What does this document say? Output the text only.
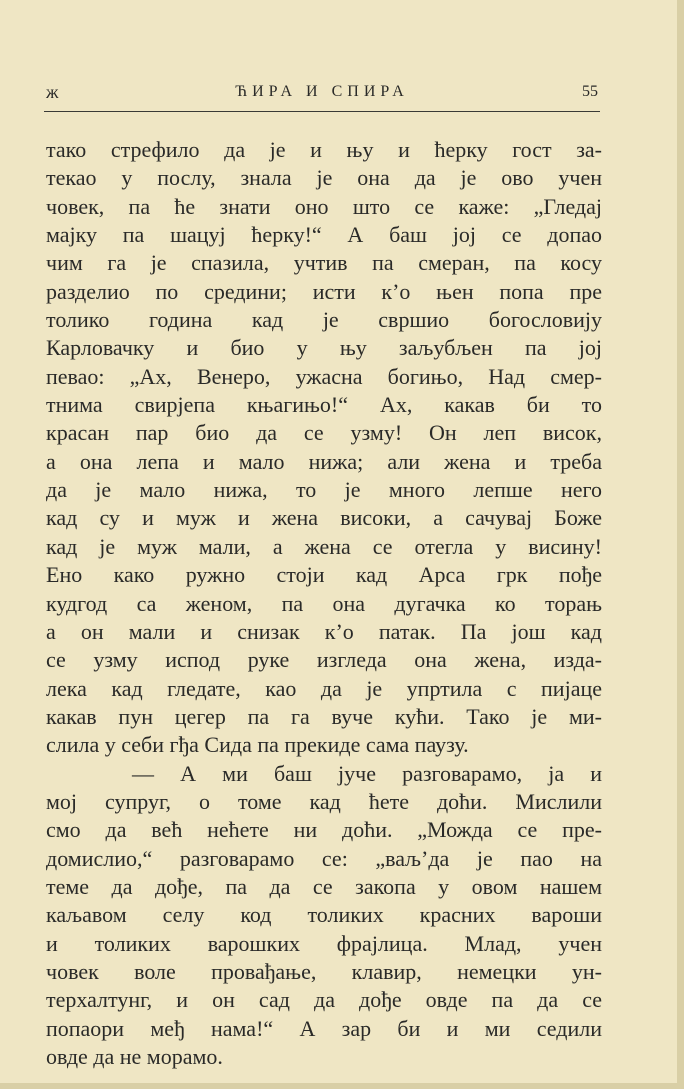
ж	ЋИРА И СПИРА	55
тако стрефило да је и њу и ћерку гост за-
текао у послу, знала је она да је ово учен
човек, па ће знати оно што се каже: „Гледај
мајку па шацуј ћерку!“ А баш јој се допао
чим га је спазила, учтив па смеран, па косу
разделио по средини; исти к’о њен попа пре
толико година кад је свршио богословију
Карловачку и био у њу заљубљен па јој
певао: „Ах, Венеро, ужасна богињо, Над смер-
тнима свирјепа књагињо!“ Ах, какав би то
красан пар био да се узму! Он леп висок,
а она лепа и мало нижа; али жена и треба
да је мало нижа, то је много лепше него
кад су и муж и жена високи, а сачувај Боже
кад је муж мали, а жена се отегла у висину!
Ено како ружно стоји кад Арса грк пође
кудгод са женом, па она дугачка ко торањ
а он мали и снизак к’о патак. Па још кад
се узму испод руке изгледа она жена, изда-
лека кад гледате, као да је упртила с пијаце
какав пун цегер па га вуче кући. Тако је ми-
слила у себи гђа Сида па прекиде сама паузу.
— А ми баш јуче разговарамо, ја и
мој супруг, о томе кад ћете доћи. Мислили
смо да већ нећете ни доћи. „Можда се пре-
домислио,“ разговарамо се: „ваљ’да је пао на
теме да дође, па да се закопа у овом нашем
каљавом селу код толиких красних вароши
и толиких варошких фрајлица. Млад, учен
човек воле провађање, клавир, немецки ун-
терхалтунг, и он сад да дође овде па да се
попаори међ нама!“ А зар би и ми седили
овде да не морамо.
